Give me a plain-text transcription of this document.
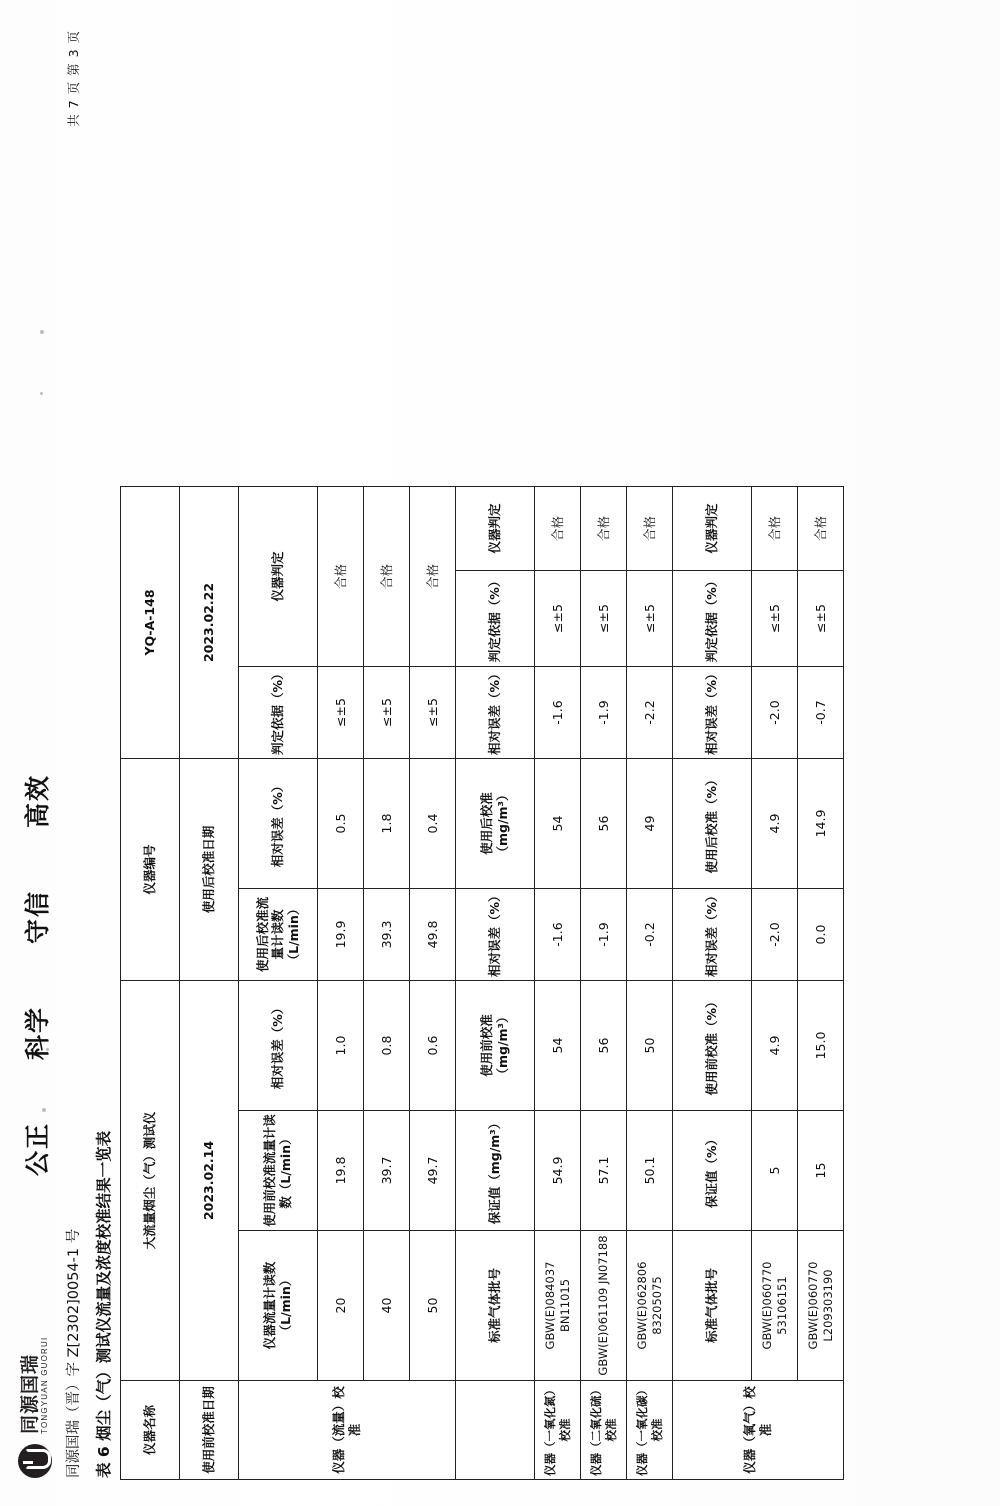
同源国瑞
TONGYUAN GUORUI
公正
科学
守信
高效
同源国瑞（晋）字 Z[2302]0054-1 号
共 7 页 第 3 页
表 6 烟尘（气）测试仪流量及浓度校准结果一览表 仪器名称	大流量烟尘（气）测试仪			仪器编号		YQ-A-148		
使用前校准日期	2023.02.14			使用后校准日期		2023.02.22		
仪器（流量）校准	仪器流量计读数（L/min）	使用前校准流量计读数（L/min）	相对误差（%）	使用后校准流量计读数（L/min）	相对误差（%）	判定依据（%）	仪器判定	
	20	19.8	1.0	19.9	0.5	≤±5	合格	
	40	39.7	0.8	39.3	1.8	≤±5	合格	
	50	49.7	0.6	49.8	0.4	≤±5	合格	
	标准气体批号	保证值（mg/m³）	使用前校准（mg/m³）	相对误差（%）	使用后校准（mg/m³）	相对误差（%）	判定依据（%）	仪器判定
仪器（一氧化氮）校准	GBW(E)084037 BN11015	54.9	54	-1.6	54	-1.6	≤±5	合格
仪器（二氧化硫）校准	GBW(E)061109 JN07188	57.1	56	-1.9	56	-1.9	≤±5	合格
仪器（一氧化碳）校准	GBW(E)062806 83205075	50.1	50	-0.2	49	-2.2	≤±5	合格
仪器（氧气）校准	标准气体批号	保证值（%）	使用前校准（%）	相对误差（%）	使用后校准（%）	相对误差（%）	判定依据（%）	仪器判定
	GBW(E)060770 53106151	5	4.9	-2.0	4.9	-2.0	≤±5	合格
	GBW(E)060770 L209303190	15	15.0	0.0	14.9	-0.7	≤±5	合格
